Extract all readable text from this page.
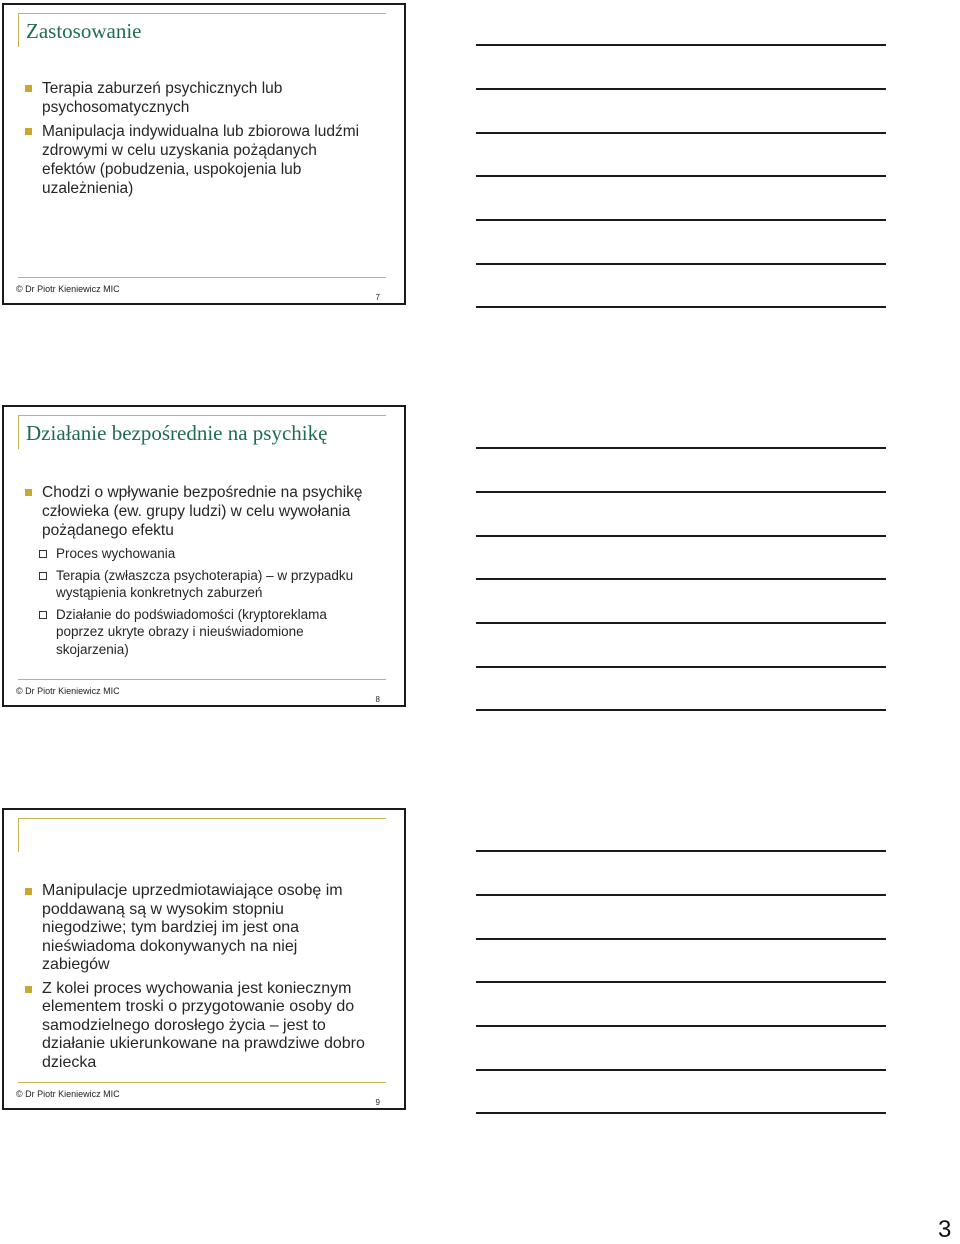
Zastosowanie
Terapia zaburzeń psychicznych lub psychosomatycznych
Manipulacja indywidualna lub zbiorowa ludźmi zdrowymi w celu uzyskania pożądanych efektów (pobudzenia, uspokojenia lub uzależnienia)
© Dr Piotr Kieniewicz MIC
7
Działanie bezpośrednie na psychikę
Chodzi o wpływanie bezpośrednie na psychikę człowieka (ew. grupy ludzi) w celu wywołania pożądanego efektu
Proces wychowania
Terapia (zwłaszcza psychoterapia) – w przypadku wystąpienia konkretnych zaburzeń
Działanie do podświadomości (kryptoreklama poprzez ukryte obrazy i nieuświadomione skojarzenia)
© Dr Piotr Kieniewicz MIC
8
Manipulacje uprzedmiotawiające osobę im poddawaną są w wysokim stopniu niegodziwe; tym bardziej im jest ona nieświadoma dokonywanych na niej zabiegów
Z kolei proces wychowania jest koniecznym elementem troski o przygotowanie osoby do samodzielnego dorosłego życia – jest to działanie ukierunkowane na prawdziwe dobro dziecka
© Dr Piotr Kieniewicz MIC
9
3
